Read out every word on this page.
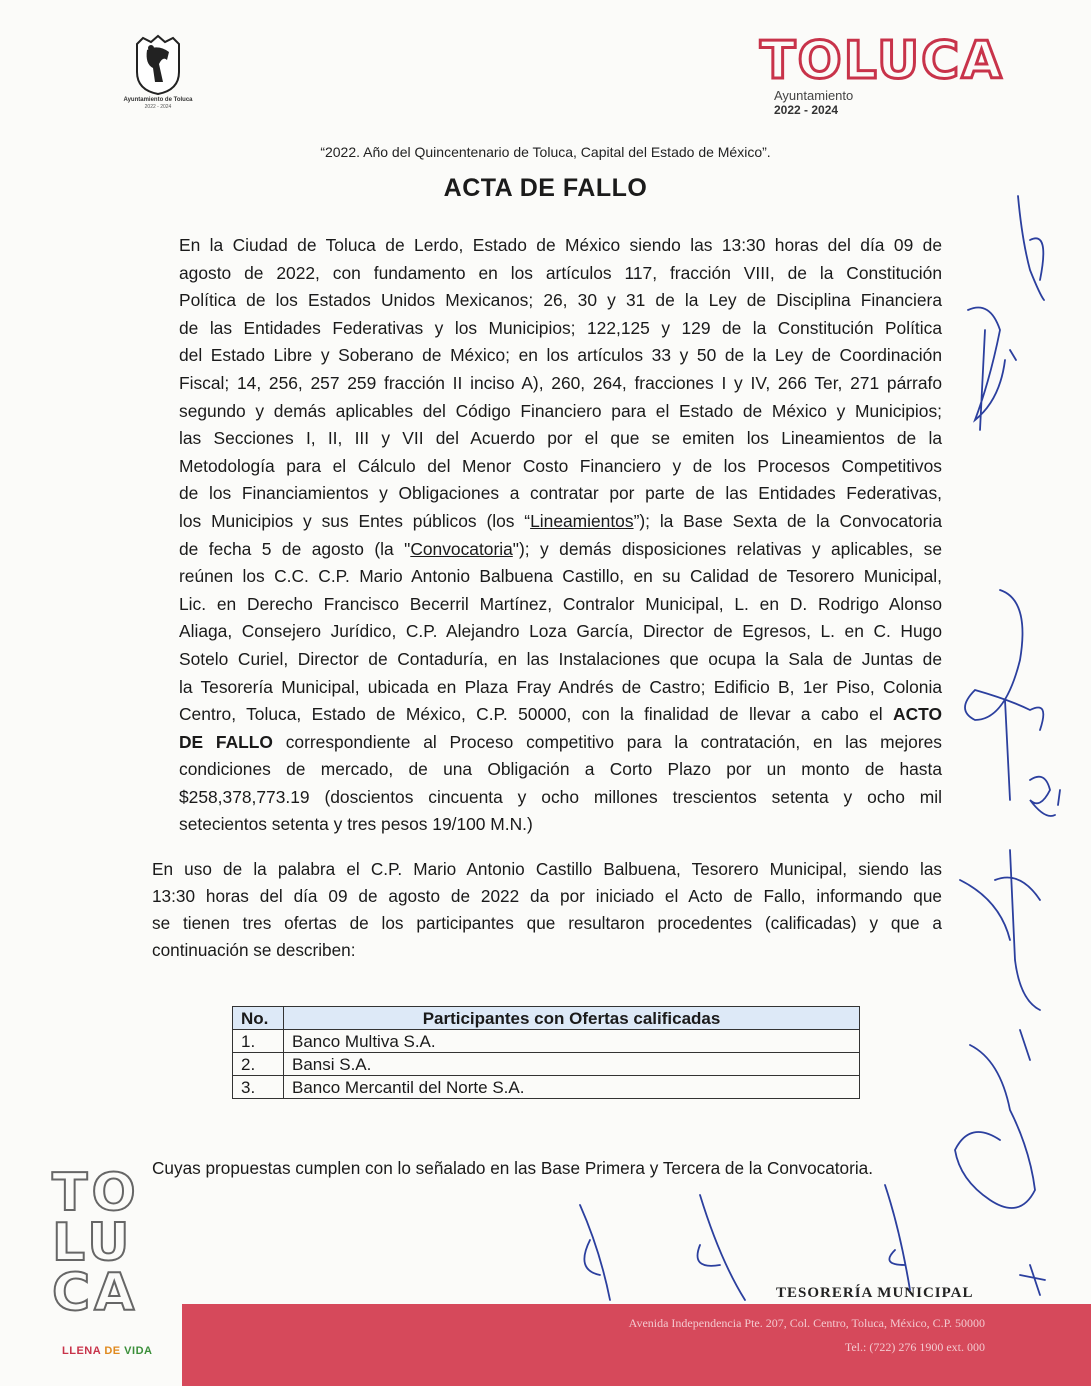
Ayuntamiento de Toluca
2022 - 2024
TOLUCA
Ayuntamiento
2022 - 2024
“2022. Año del Quincentenario de Toluca, Capital del Estado de México”.
ACTA DE FALLO
En la Ciudad de Toluca de Lerdo, Estado de México siendo las 13:30 horas del día 09 de
agosto de 2022, con fundamento en los artículos 117, fracción VIII, de la Constitución
Política de los Estados Unidos Mexicanos; 26, 30 y 31 de la Ley de Disciplina Financiera
de las Entidades Federativas y los Municipios; 122,125 y 129 de la Constitución Política
del Estado Libre y Soberano de México; en los artículos 33 y 50 de la Ley de Coordinación
Fiscal; 14, 256, 257 259 fracción II inciso A), 260, 264, fracciones I y IV, 266 Ter, 271 párrafo
segundo y demás aplicables del Código Financiero para el Estado de México y Municipios;
las Secciones I, II, III y VII del Acuerdo por el que se emiten los Lineamientos de la
Metodología para el Cálculo del Menor Costo Financiero y de los Procesos Competitivos
de los Financiamientos y Obligaciones a contratar por parte de las Entidades Federativas,
los Municipios y sus Entes públicos (los “Lineamientos”); la Base Sexta de la Convocatoria
de fecha 5 de agosto (la "Convocatoria"); y demás disposiciones relativas y aplicables, se
reúnen los C.C. C.P. Mario Antonio Balbuena Castillo, en su Calidad de Tesorero Municipal,
Lic. en Derecho Francisco Becerril Martínez, Contralor Municipal, L. en D. Rodrigo Alonso
Aliaga, Consejero Jurídico, C.P. Alejandro Loza García, Director de Egresos, L. en C. Hugo
Sotelo Curiel, Director de Contaduría, en las Instalaciones que ocupa la Sala de Juntas de
la Tesorería Municipal, ubicada en Plaza Fray Andrés de Castro; Edificio B, 1er Piso, Colonia
Centro, Toluca, Estado de México, C.P. 50000, con la finalidad de llevar a cabo el ACTO
DE FALLO correspondiente al Proceso competitivo para la contratación, en las mejores
condiciones de mercado, de una Obligación a Corto Plazo por un monto de hasta
$258,378,773.19 (doscientos cincuenta y ocho millones trescientos setenta y ocho mil
setecientos setenta y tres pesos 19/100 M.N.)
En uso de la palabra el C.P. Mario Antonio Castillo Balbuena, Tesorero Municipal, siendo las
13:30 horas del día 09 de agosto de 2022 da por iniciado el Acto de Fallo, informando que
se tienen tres ofertas de los participantes que resultaron procedentes (calificadas) y que a
continuación se describen:
No.	Participantes con Ofertas calificadas
1.	Banco Multiva S.A.
2.	Bansi S.A.
3.	Banco Mercantil del Norte S.A.
Cuyas propuestas cumplen con lo señalado en las Base Primera y Tercera de la Convocatoria.
TESORERÍA MUNICIPAL
Avenida Independencia Pte. 207, Col. Centro, Toluca, México, C.P. 50000
Tel.: (722) 276 1900 ext. 000
TO
LU
CA
LLENA DE VIDA
